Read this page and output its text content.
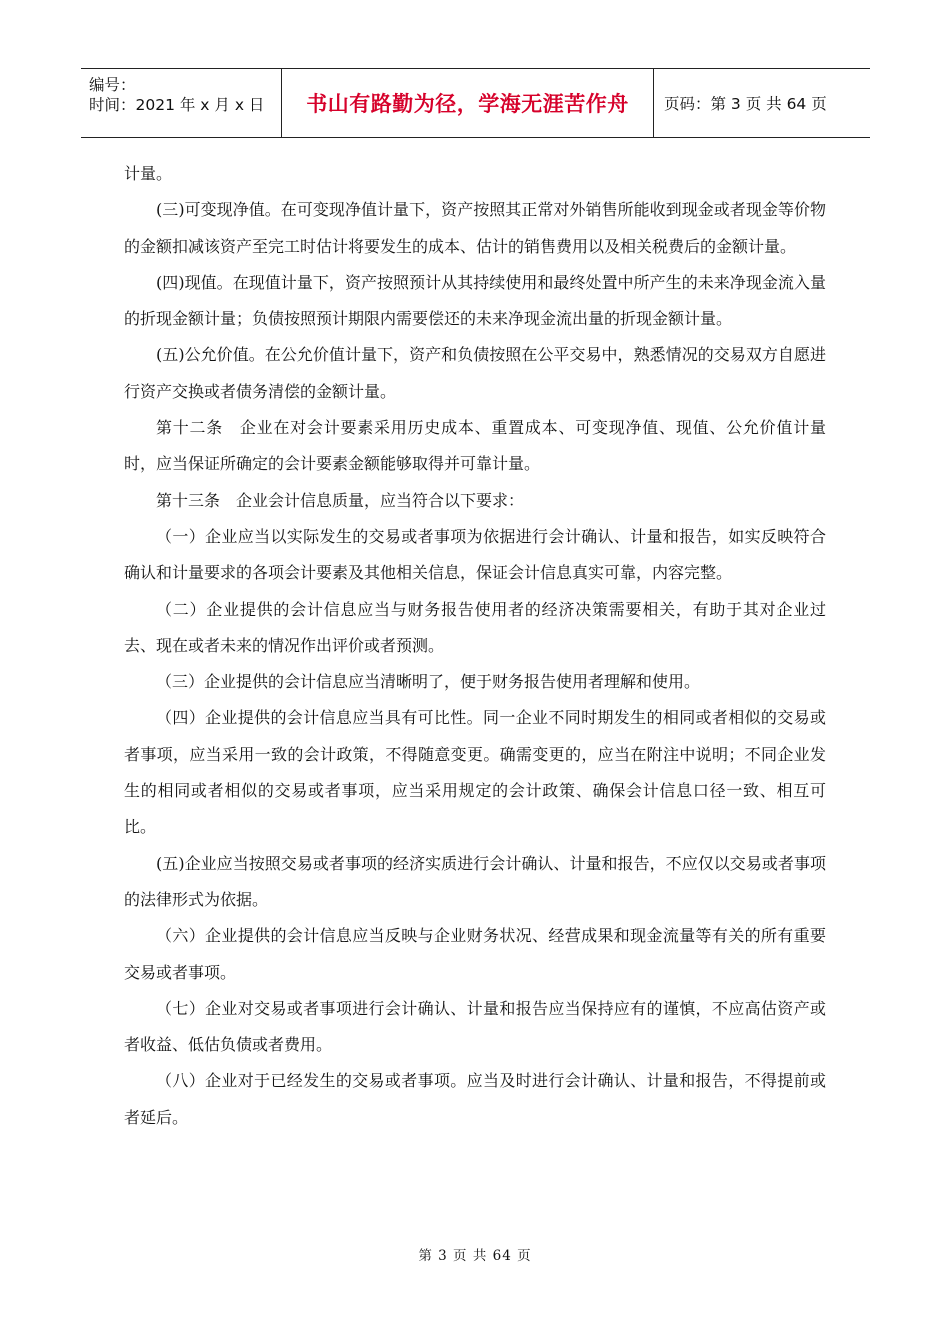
编号：
时间：2021 年 x 月 x 日 书山有路勤为径，学海无涯苦作舟 页码：第 3 页 共 64 页

计量。

(三)可变现净值。在可变现净值计量下，资产按照其正常对外销售所能收到现金或者现金等价物的金额扣减该资产至完工时估计将要发生的成本、估计的销售费用以及相关税费后的金额计量。

(四)现值。在现值计量下，资产按照预计从其持续使用和最终处置中所产生的未来净现金流入量的折现金额计量；负债按照预计期限内需要偿还的未来净现金流出量的折现金额计量。

(五)公允价值。在公允价值计量下，资产和负债按照在公平交易中，熟悉情况的交易双方自愿进行资产交换或者债务清偿的金额计量。

第十二条　企业在对会计要素采用历史成本、重置成本、可变现净值、现值、公允价值计量时，应当保证所确定的会计要素金额能够取得并可靠计量。

第十三条　企业会计信息质量，应当符合以下要求：

（一）企业应当以实际发生的交易或者事项为依据进行会计确认、计量和报告，如实反映符合确认和计量要求的各项会计要素及其他相关信息，保证会计信息真实可靠，内容完整。

（二）企业提供的会计信息应当与财务报告使用者的经济决策需要相关，有助于其对企业过去、现在或者未来的情况作出评价或者预测。

（三）企业提供的会计信息应当清晰明了，便于财务报告使用者理解和使用。

（四）企业提供的会计信息应当具有可比性。同一企业不同时期发生的相同或者相似的交易或者事项，应当采用一致的会计政策，不得随意变更。确需变更的，应当在附注中说明；不同企业发生的相同或者相似的交易或者事项，应当采用规定的会计政策、确保会计信息口径一致、相互可比。

(五)企业应当按照交易或者事项的经济实质进行会计确认、计量和报告，不应仅以交易或者事项的法律形式为依据。

（六）企业提供的会计信息应当反映与企业财务状况、经营成果和现金流量等有关的所有重要交易或者事项。

（七）企业对交易或者事项进行会计确认、计量和报告应当保持应有的谨慎，不应高估资产或者收益、低估负债或者费用。

（八）企业对于已经发生的交易或者事项。应当及时进行会计确认、计量和报告，不得提前或者延后。

第 3 页 共 64 页
